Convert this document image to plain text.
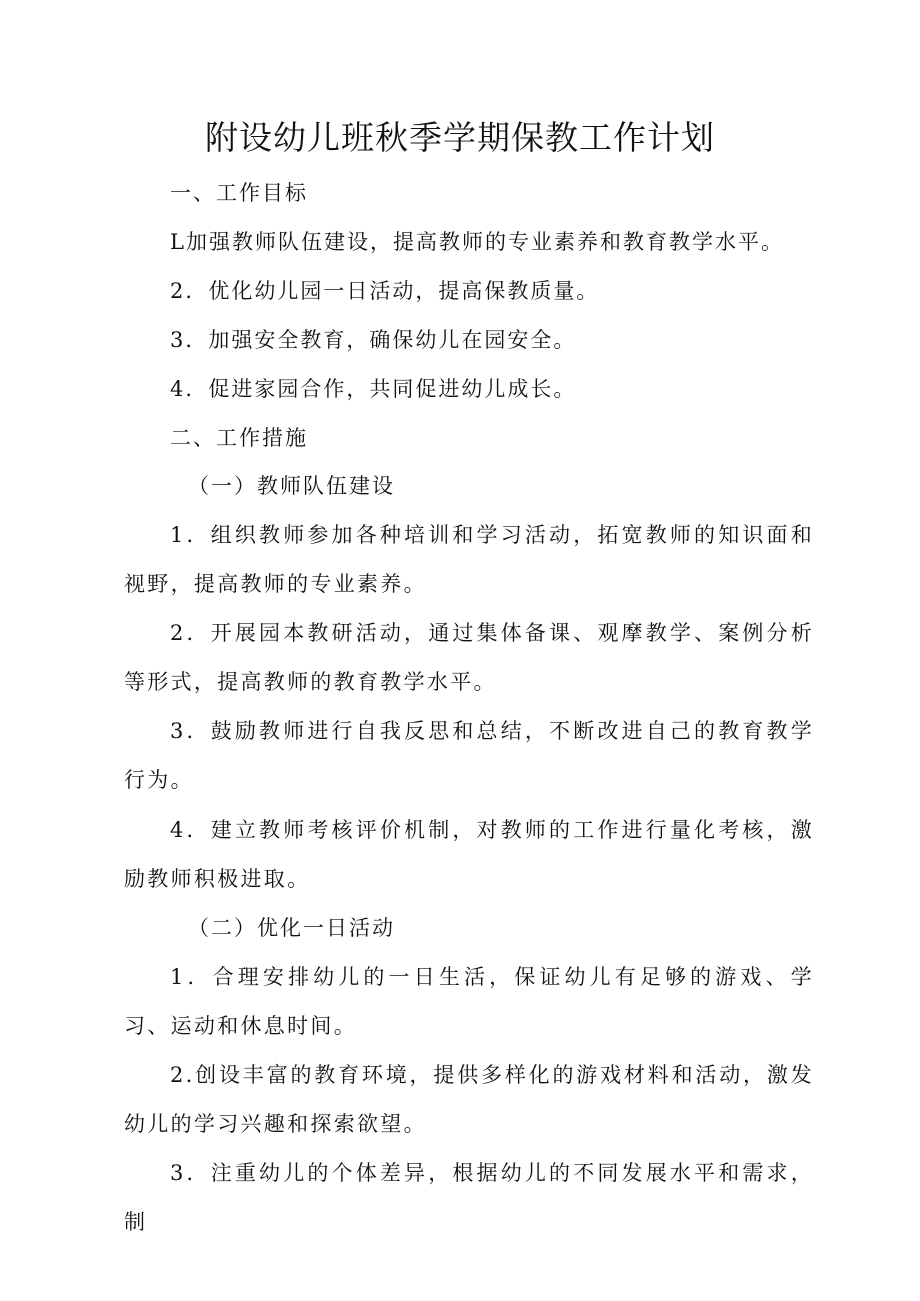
附设幼儿班秋季学期保教工作计划

一、工作目标

L加强教师队伍建设，提高教师的专业素养和教育教学水平。

2．优化幼儿园一日活动，提高保教质量。

3．加强安全教育，确保幼儿在园安全。

4．促进家园合作，共同促进幼儿成长。

二、工作措施

（一）教师队伍建设

1．组织教师参加各种培训和学习活动，拓宽教师的知识面和视野，提高教师的专业素养。

2．开展园本教研活动，通过集体备课、观摩教学、案例分析等形式，提高教师的教育教学水平。

3．鼓励教师进行自我反思和总结，不断改进自己的教育教学行为。

4．建立教师考核评价机制，对教师的工作进行量化考核，激励教师积极进取。

（二）优化一日活动

1．合理安排幼儿的一日生活，保证幼儿有足够的游戏、学习、运动和休息时间。

2.创设丰富的教育环境，提供多样化的游戏材料和活动，激发幼儿的学习兴趣和探索欲望。

3．注重幼儿的个体差异，根据幼儿的不同发展水平和需求，制
